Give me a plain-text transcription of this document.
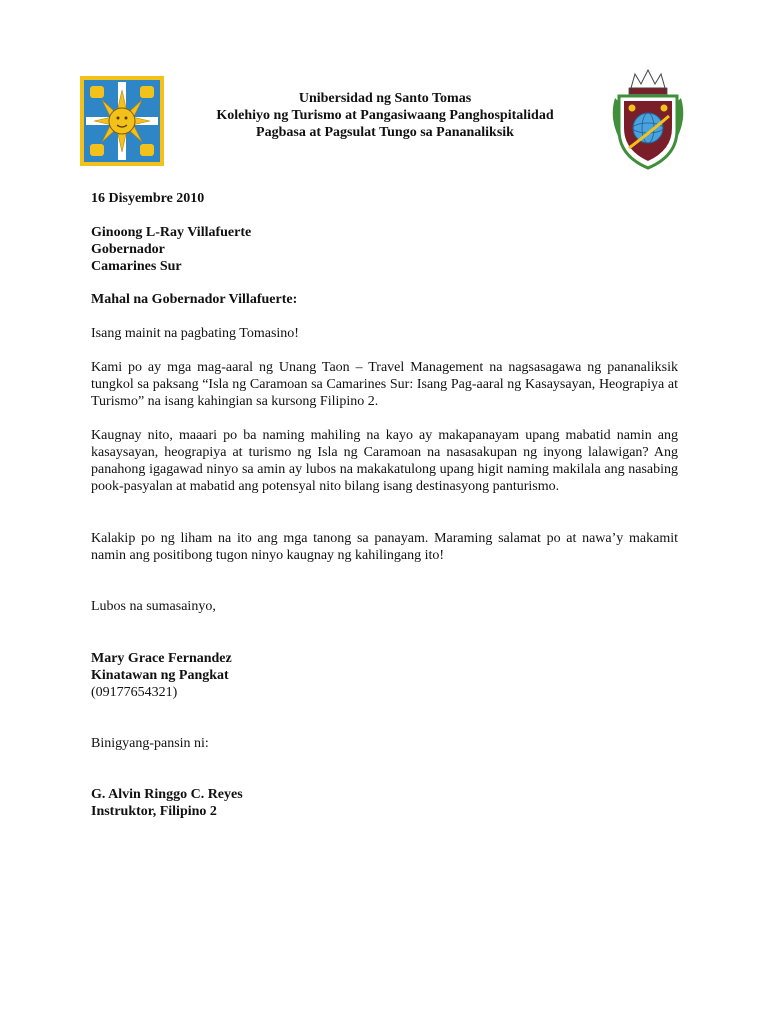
Unibersidad ng Santo Tomas
Kolehiyo ng Turismo at Pangasiwaang Panghospitalidad
Pagbasa at Pagsulat Tungo sa Pananaliksik
16 Disyembre 2010
Ginoong L-Ray Villafuerte
Gobernador
Camarines Sur
Mahal na Gobernador Villafuerte:
Isang mainit na pagbating Tomasino!
Kami po ay mga mag-aaral ng Unang Taon – Travel Management na nagsasagawa ng pananaliksik tungkol sa paksang “Isla ng Caramoan sa Camarines Sur: Isang Pag-aaral ng Kasaysayan, Heograpiya at Turismo” na isang kahingian sa kursong Filipino 2.
Kaugnay nito, maaari po ba naming mahiling na kayo ay makapanayam upang mabatid namin ang kasaysayan, heograpiya at turismo ng Isla ng Caramoan na nasasakupan ng inyong lalawigan? Ang panahong igagawad ninyo sa amin ay lubos na makakatulong upang higit naming makilala ang nasabing pook-pasyalan at mabatid ang potensyal nito bilang isang destinasyong panturismo.
Kalakip po ng liham na ito ang mga tanong sa panayam. Maraming salamat po at nawa’y makamit namin ang positibong tugon ninyo kaugnay ng kahilingang ito!
Lubos na sumasainyo,
Mary Grace Fernandez
Kinatawan ng Pangkat
(09177654321)
Binigyang-pansin ni:
G. Alvin Ringgo C. Reyes
Instruktor, Filipino 2
